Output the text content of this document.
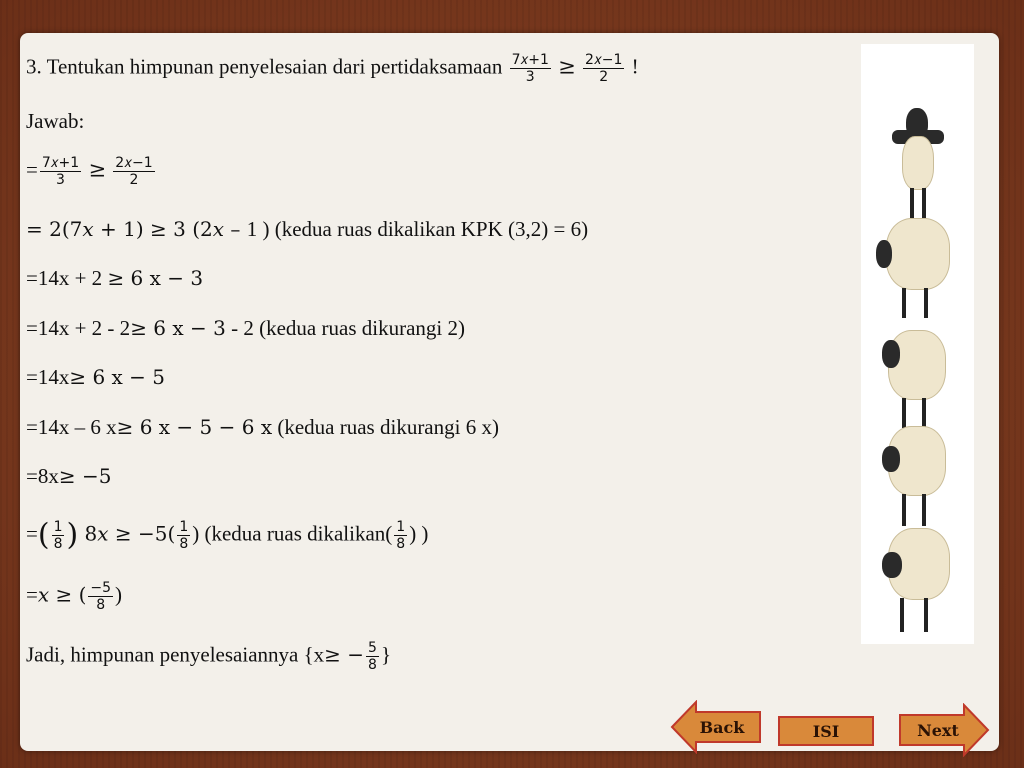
3. Tentukan himpunan penyelesaian dari pertidaksamaan $\frac{\text{7𝑥+1}}{3} \ge \frac{\text{2𝑥−1}}{2}$ !
Jawab:
= $\frac{\text{7𝑥+1}}{3} \ge \frac{\text{2𝑥−1}}{2}$
= 2(7𝑥 + 1) ≥ 3 (2𝑥 – 1 ) (kedua ruas dikalikan KPK (3,2) = 6)
=14x + 2 ≥ 6 x − 3
=14x + 2 - 2≥ 6 x − 3 - 2 (kedua ruas dikurangi 2)
=14x≥ 6 x − 5
=14x – 6 x≥ 6 x − 5 − 6 x (kedua ruas dikurangi 6 x)
=8x≥ −5
=( $\frac{1}{8}$ ) 8𝑥 ≥ $-5( \frac{1}{8}$ ) (kedua ruas dikalikan( $\frac{1}{8}$ ) )
=𝑥 ≥ ( $\frac{-5}{8}$ )
Jadi, himpunan penyelesaiannya {$x\ge - \frac{5}{8}$ }
Back	ISI	Next
